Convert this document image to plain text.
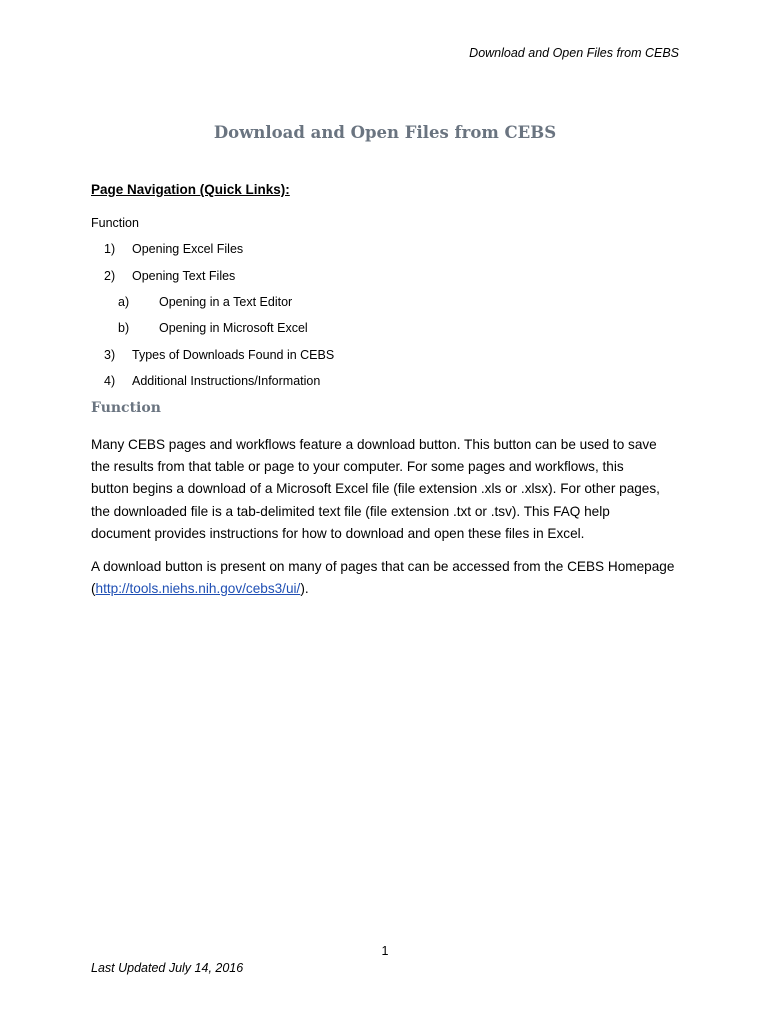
Download and Open Files from CEBS
Download and Open Files from CEBS
Page Navigation (Quick Links):
Function
1) Opening Excel Files
2) Opening Text Files
a) Opening in a Text Editor
b) Opening in Microsoft Excel
3) Types of Downloads Found in CEBS
4) Additional Instructions/Information
Function
Many CEBS pages and workflows feature a download button. This button can be used to save
the results from that table or page to your computer. For some pages and workflows, this
button begins a download of a Microsoft Excel file (file extension .xls or .xlsx). For other pages,
the downloaded file is a tab-delimited text file (file extension .txt or .tsv). This FAQ help
document provides instructions for how to download and open these files in Excel.
A download button is present on many of pages that can be accessed from the CEBS Homepage
(http://tools.niehs.nih.gov/cebs3/ui/).
1
Last Updated July 14, 2016
